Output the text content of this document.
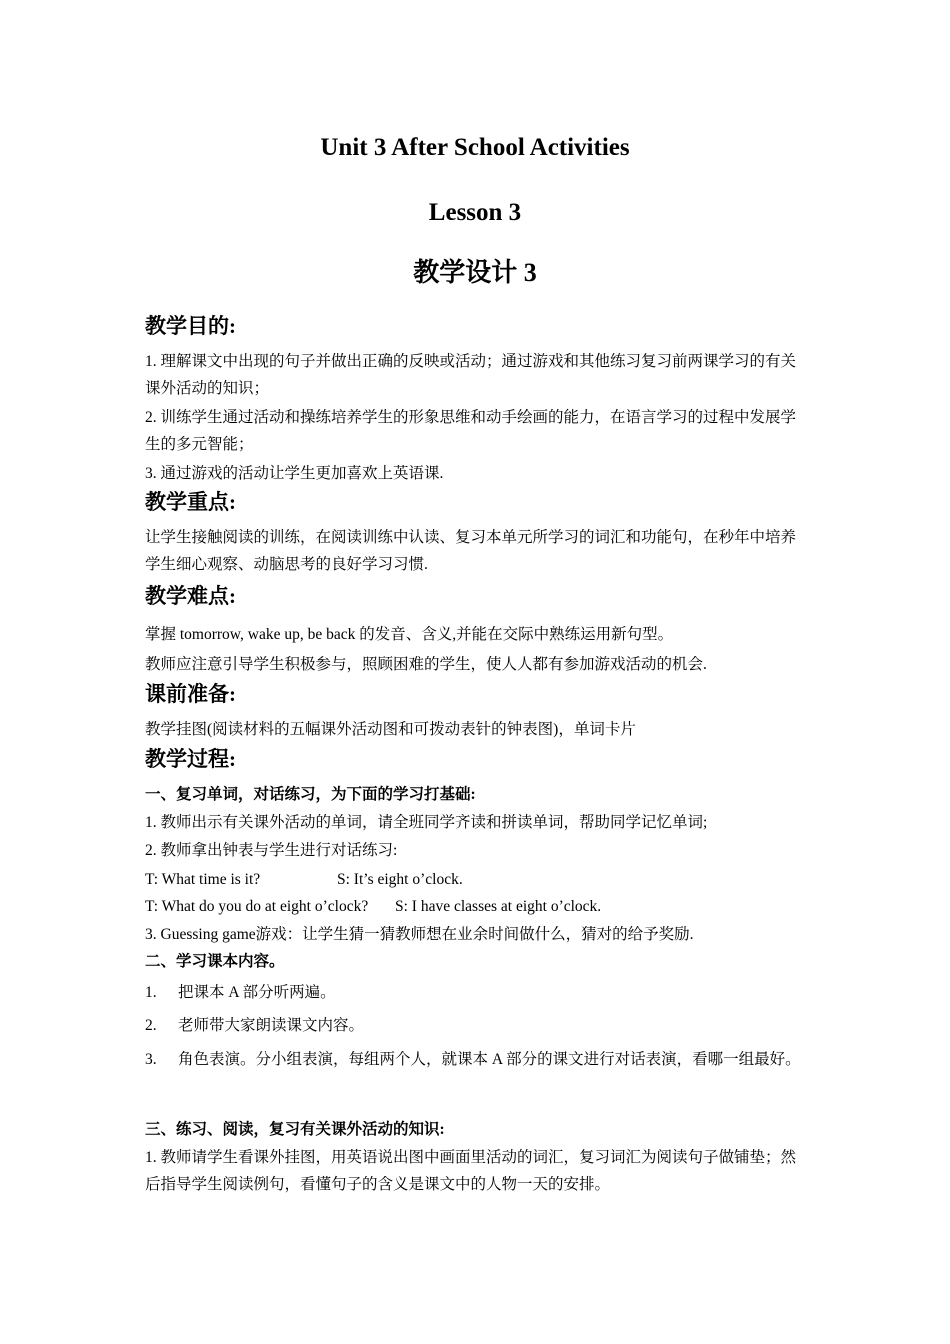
Unit 3 After School Activities
Lesson 3
教学设计 3
教学目的:

1. 理解课文中出现的句子并做出正确的反映或活动；通过游戏和其他练习复习前两课学习的有关课外活动的知识；

2. 训练学生通过活动和操练培养学生的形象思维和动手绘画的能力，在语言学习的过程中发展学生的多元智能；

3. 通过游戏的活动让学生更加喜欢上英语课.

教学重点:

让学生接触阅读的训练，在阅读训练中认读、复习本单元所学习的词汇和功能句，在秒年中培养学生细心观察、动脑思考的良好学习习惯.

教学难点:

掌握 tomorrow, wake up, be back 的发音、含义,并能在交际中熟练运用新句型。

教师应注意引导学生积极参与，照顾困难的学生，使人人都有参加游戏活动的机会.

课前准备:

教学挂图(阅读材料的五幅课外活动图和可拨动表针的钟表图)，单词卡片

教学过程:

一、复习单词，对话练习，为下面的学习打基础:

1. 教师出示有关课外活动的单词，请全班同学齐读和拼读单词，帮助同学记忆单词;

2. 教师拿出钟表与学生进行对话练习:

T: What time is it?	S: It’s eight o’clock.
T: What do you do at eight o’clock? S: I have classes at eight o’clock.

3. Guessing game游戏：让学生猜一猜教师想在业余时间做什么，猜对的给予奖励.

二、学习课本内容。

1. 把课本 A 部分听两遍。
2. 老师带大家朗读课文内容。
3. 角色表演。分小组表演，每组两个人，就课本 A 部分的课文进行对话表演，看哪一组最好。

三、练习、阅读，复习有关课外活动的知识:

1. 教师请学生看课外挂图，用英语说出图中画面里活动的词汇，复习词汇为阅读句子做铺垫；然后指导学生阅读例句，看懂句子的含义是课文中的人物一天的安排。
